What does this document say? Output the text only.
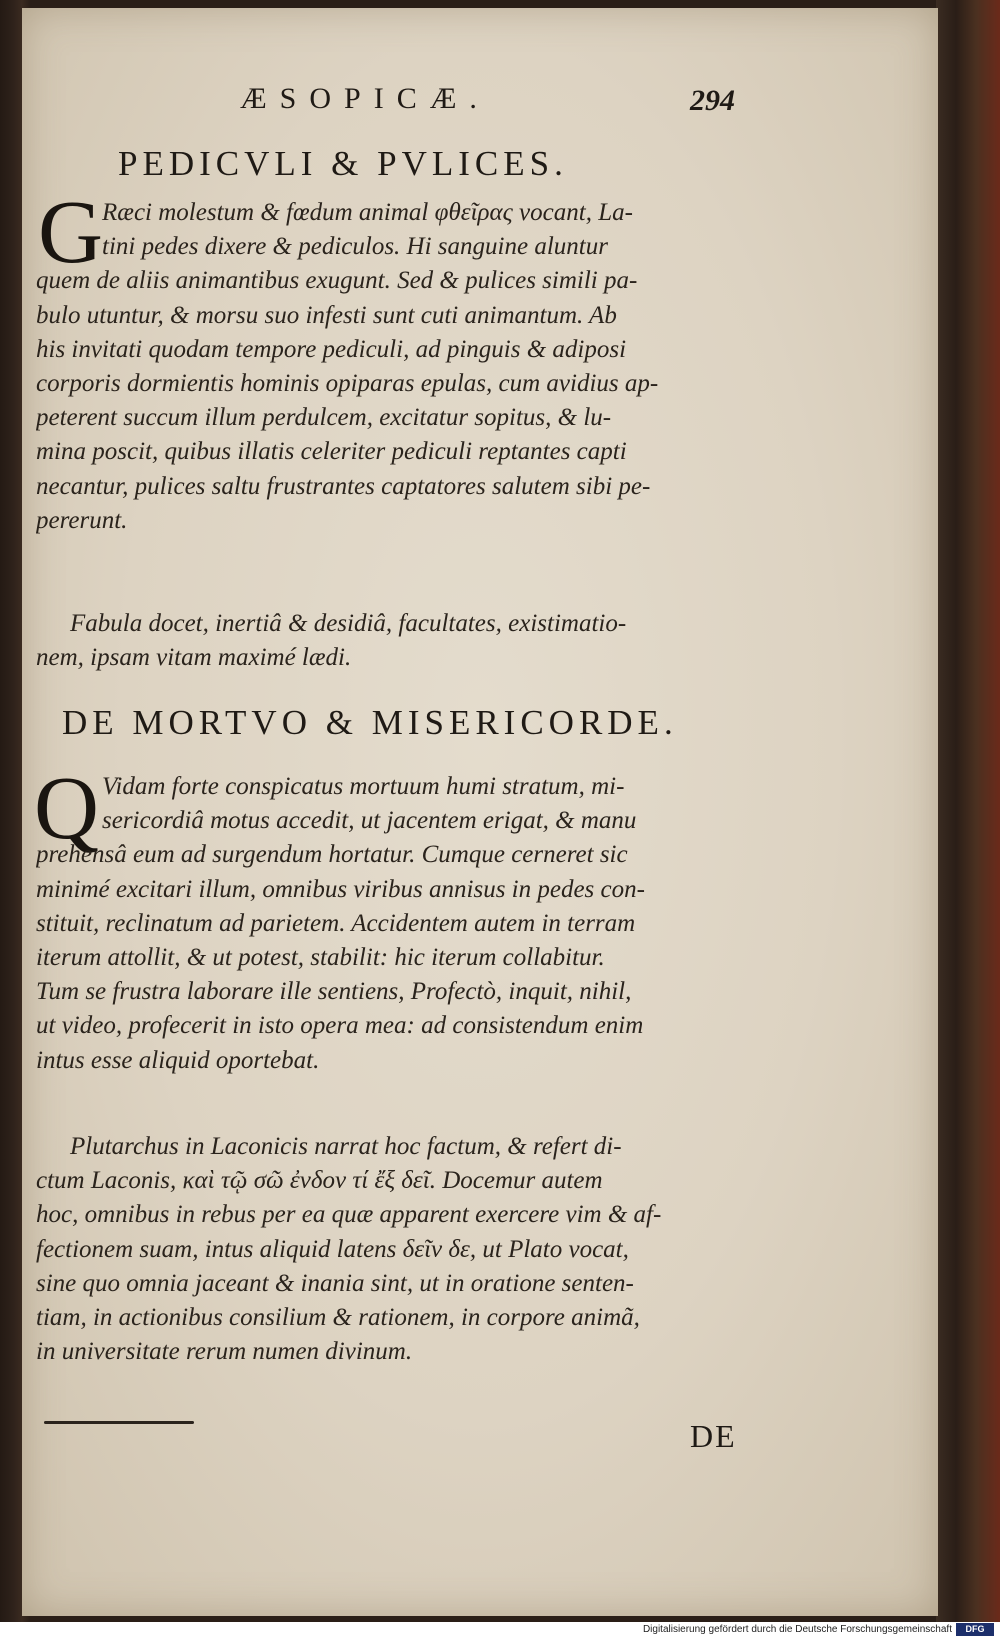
ÆSOPICÆ.	294
PEDICVLI & PVLICES.
G Ræci molestum & fœdum animal φθεῖρας vocant, La-
tini pedes dixere & pediculos. Hi sanguine aluntur
quem de aliis animantibus exugunt. Sed & pulices simili pa-
bulo utuntur, & morsu suo infesti sunt cuti animantum. Ab
his invitati quodam tempore pediculi, ad pinguis & adiposi
corporis dormientis hominis opiparas epulas, cum avidius ap-
peterent succum illum perdulcem, excitatur sopitus, & lu-
mina poscit, quibus illatis celeriter pediculi reptantes capti
necantur, pulices saltu frustrantes captatores salutem sibi pe-
pererunt.
Fabula docet, inertiâ & desidiâ, facultates, existimatio-
nem, ipsam vitam maximé lædi.
DE MORTVO & MISERICORDE.
Q Vidam forte conspicatus mortuum humi stratum, mi-
sericordiâ motus accedit, ut jacentem erigat, & manu
prehensâ eum ad surgendum hortatur. Cumque cerneret sic
minimé excitari illum, omnibus viribus annisus in pedes con-
stituit, reclinatum ad parietem. Accidentem autem in terram
iterum attollit, & ut potest, stabilit: hic iterum collabitur.
Tum se frustra laborare ille sentiens, Profectò, inquit, nihil,
ut video, profecerit in isto opera mea: ad consistendum enim
intus esse aliquid oportebat.
Plutarchus in Laconicis narrat hoc factum, & refert di-
ctum Laconis, καὶ τῷ σῶ ἐνδον τί ἔξ δεῖ. Docemur autem
hoc, omnibus in rebus per ea quæ apparent exercere vim & af-
fectionem suam, intus aliquid latens δεῖν δε, ut Plato vocat,
sine quo omnia jaceant & inania sint, ut in oratione senten-
tiam, in actionibus consilium & rationem, in corpore animã,
in universitate rerum numen divinum.
DE
Digitalisierung gefördert durch die Deutsche Forschungsgemeinschaft	DFG
